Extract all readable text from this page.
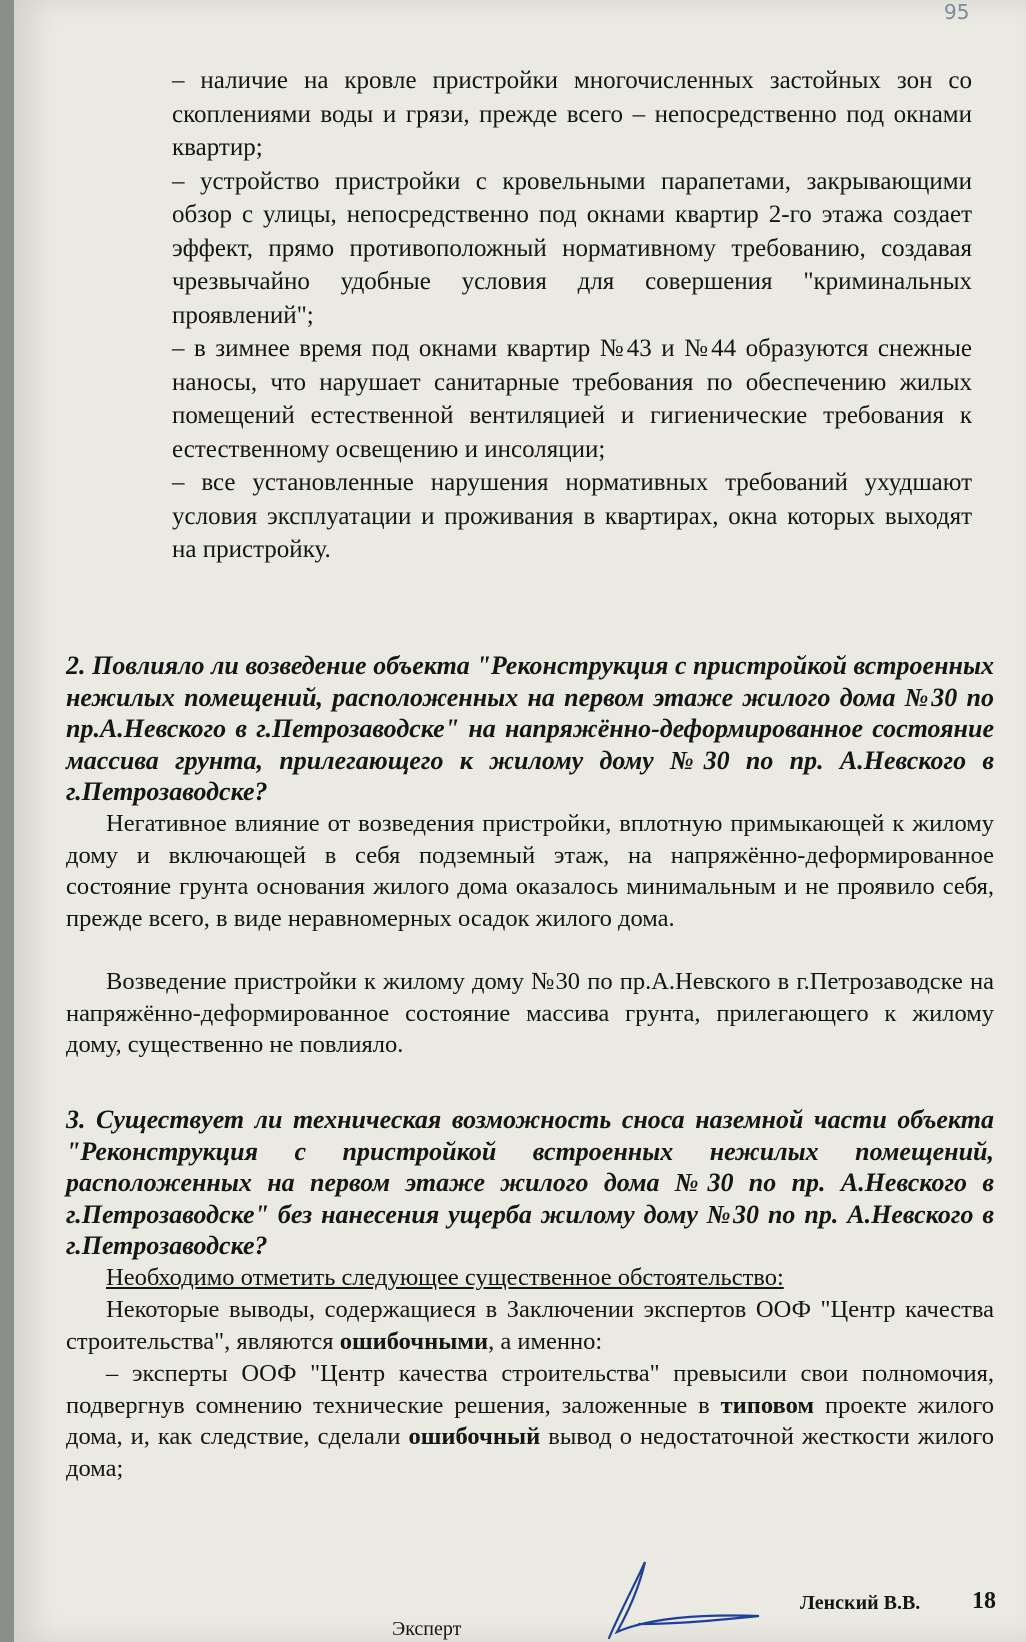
95

– наличие на кровле пристройки многочисленных застойных зон со скоплениями воды и грязи, прежде всего – непосредственно под окнами квартир;

– устройство пристройки с кровельными парапетами, закрывающими обзор с улицы, непосредственно под окнами квартир 2-го этажа создает эффект, прямо противоположный нормативному требованию, создавая чрезвычайно удобные условия для совершения "криминальных проявлений";

– в зимнее время под окнами квартир №43 и №44 образуются снежные наносы, что нарушает санитарные требования по обеспечению жилых помещений естественной вентиляцией и гигиенические требования к естественному освещению и инсоляции;

– все установленные нарушения нормативных требований ухудшают условия эксплуатации и проживания в квартирах, окна которых выходят на пристройку.

2. Повлияло ли возведение объекта "Реконструкция с пристройкой встроенных нежилых помещений, расположенных на первом этаже жилого дома №30 по пр.А.Невского в г.Петрозаводске" на напряжённо-деформированное состояние массива грунта, прилегающего к жилому дому №30 по пр. А.Невского в г.Петрозаводске?

Негативное влияние от возведения пристройки, вплотную примыкающей к жилому дому и включающей в себя подземный этаж, на напряжённо-деформированное состояние грунта основания жилого дома оказалось минимальным и не проявило себя, прежде всего, в виде неравномерных осадок жилого дома.

Возведение пристройки к жилому дому №30 по пр.А.Невского в г.Петрозаводске на напряжённо-деформированное состояние массива грунта, прилегающего к жилому дому, существенно не повлияло.

3. Существует ли техническая возможность сноса наземной части объекта "Реконструкция с пристройкой встроенных нежилых помещений, расположенных на первом этаже жилого дома №30 по пр. А.Невского в г.Петрозаводске" без нанесения ущерба жилому дому №30 по пр. А.Невского в г.Петрозаводске?

Необходимо отметить следующее существенное обстоятельство:

Некоторые выводы, содержащиеся в Заключении экспертов ООФ "Центр качества строительства", являются ошибочными, а именно:

– эксперты ООФ "Центр качества строительства" превысили свои полномочия, подвергнув сомнению технические решения, заложенные в типовом проекте жилого дома, и, как следствие, сделали ошибочный вывод о недостаточной жесткости жилого дома;

Эксперт
Ленский В.В. 18
